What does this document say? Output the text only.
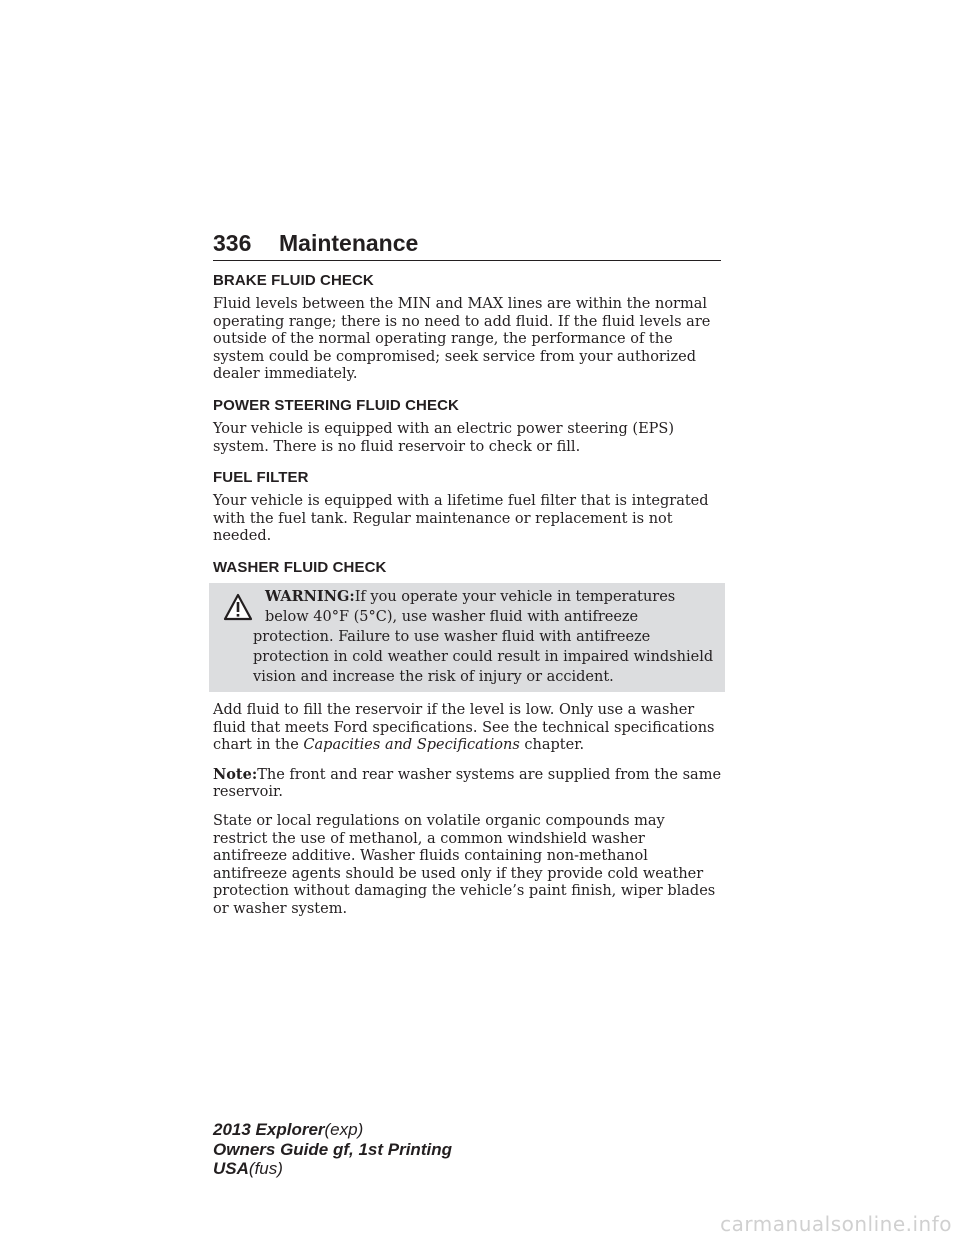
336 Maintenance
BRAKE FLUID CHECK

Fluid levels between the MIN and MAX lines are within the normal operating range; there is no need to add fluid. If the fluid levels are outside of the normal operating range, the performance of the system could be compromised; seek service from your authorized dealer immediately.

POWER STEERING FLUID CHECK

Your vehicle is equipped with an electric power steering (EPS) system. There is no fluid reservoir to check or fill.

FUEL FILTER

Your vehicle is equipped with a lifetime fuel filter that is integrated with the fuel tank. Regular maintenance or replacement is not needed.

WASHER FLUID CHECK

WARNING:If you operate your vehicle in temperatures below 40°F (5°C), use washer fluid with antifreeze protection. Failure to use washer fluid with antifreeze protection in cold weather could result in impaired windshield vision and increase the risk of injury or accident.

Add fluid to fill the reservoir if the level is low. Only use a washer fluid that meets Ford specifications. See the technical specifications chart in the Capacities and Specifications chapter.

Note:The front and rear washer systems are supplied from the same reservoir.

State or local regulations on volatile organic compounds may restrict the use of methanol, a common windshield washer antifreeze additive. Washer fluids containing non-methanol antifreeze agents should be used only if they provide cold weather protection without damaging the vehicle’s paint finish, wiper blades or washer system.

2013 Explorer(exp)
Owners Guide gf, 1st Printing
USA(fus)
carmanualsonline.info
